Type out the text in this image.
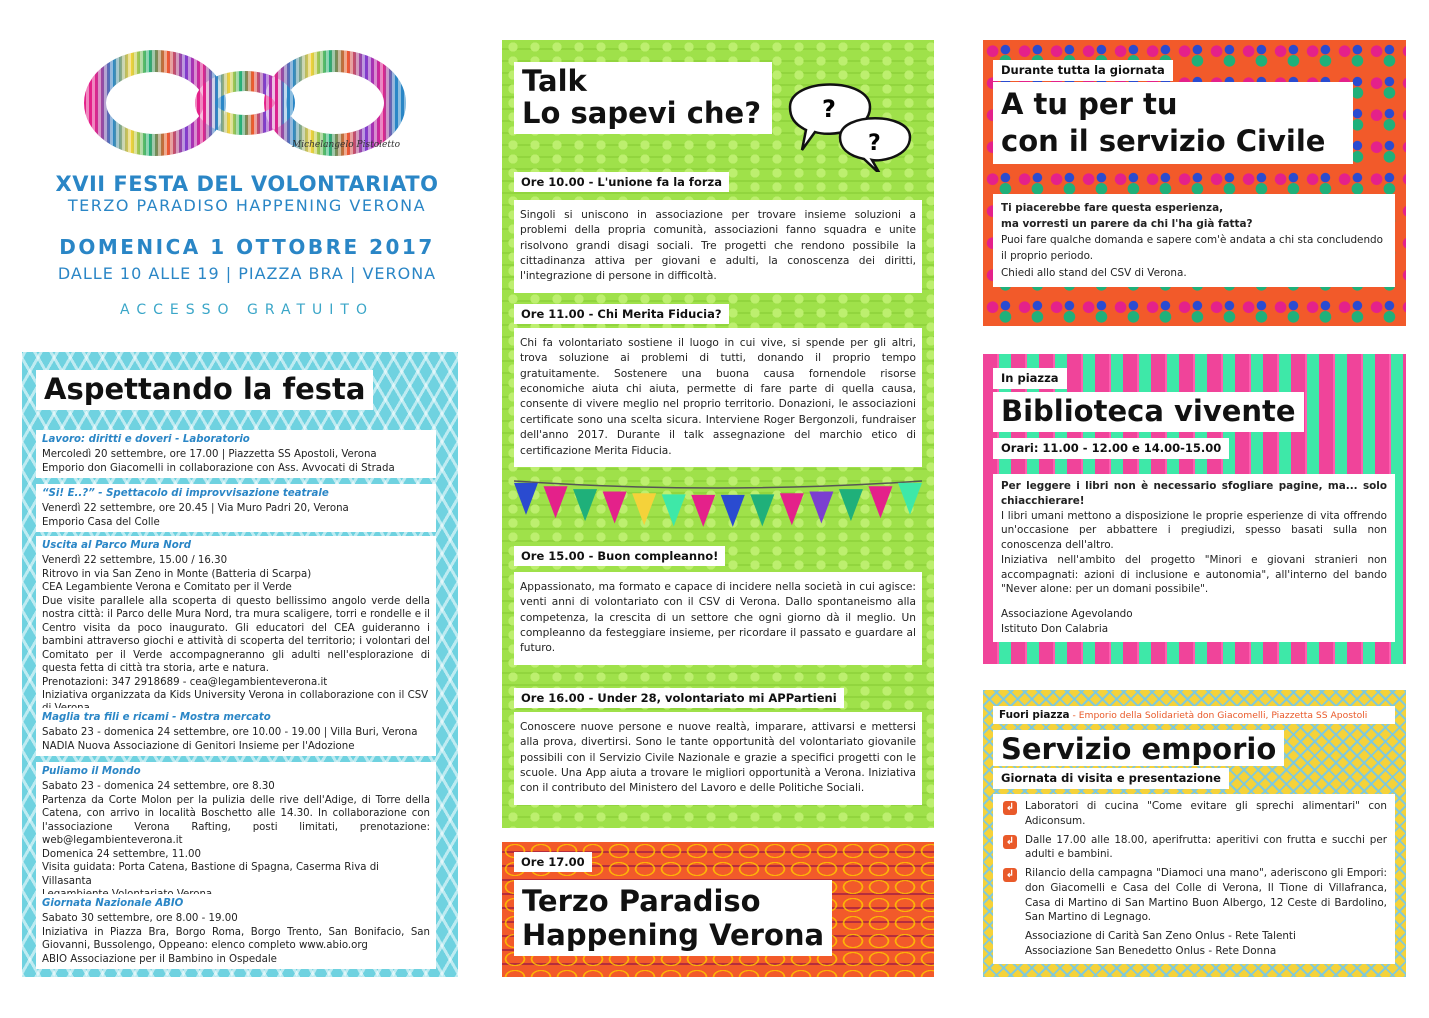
Michelangelo Pistoletto
XVII FESTA DEL VOLONTARIATO
TERZO PARADISO HAPPENING VERONA
DOMENICA 1 OTTOBRE 2017
DALLE 10 ALLE 19 | PIAZZA BRA | VERONA
ACCESSO GRATUITO
Aspettando la festa
Lavoro: diritti e doveri - Laboratorio

Mercoledì 20 settembre, ore 17.00 | Piazzetta SS Apostoli, Verona

Emporio don Giacomelli in collaborazione con Ass. Avvocati di Strada

“Si! E..?” - Spettacolo di improvvisazione teatrale

Venerdì 22 settembre, ore 20.45 | Via Muro Padri 20, Verona

Emporio Casa del Colle

Uscita al Parco Mura Nord

Venerdì 22 settembre, 15.00 / 16.30

Ritrovo in via San Zeno in Monte (Batteria di Scarpa)

CEA Legambiente Verona e Comitato per il Verde

Due visite parallele alla scoperta di questo bellissimo angolo verde della nostra città: il Parco delle Mura Nord, tra mura scaligere, torri e rondelle e il Centro visita da poco inaugurato. Gli educatori del CEA guideranno i bambini attraverso giochi e attività di scoperta del territorio; i volontari del Comitato per il Verde accompagneranno gli adulti nell'esplorazione di questa fetta di città tra storia, arte e natura.

Prenotazioni: 347 2918689 - cea@legambienteverona.it

Iniziativa organizzata da Kids University Verona in collaborazione con il CSV

Maglia tra fili e ricami - Mostra mercato

Sabato 23 - domenica 24 settembre, ore 10.00 - 19.00 | Villa Buri, Verona

NADIA Nuova Associazione di Genitori Insieme per l'Adozione

Puliamo il Mondo

Sabato 23 - domenica 24 settembre, ore 8.30

Partenza da Corte Molon per la pulizia delle rive dell'Adige, di Torre della Catena, con arrivo in località Boschetto alle 14.30. In collaborazione con l'associazione Verona Rafting, posti limitati, prenotazione: web@legambienteverona.it

Domenica 24 settembre, 11.00

Visita guidata: Porta Catena, Bastione di Spagna, Caserma Riva di Villasanta

Giornata Nazionale ABIO

Sabato 30 settembre, ore 8.00 - 19.00

Iniziativa in Piazza Bra, Borgo Roma, Borgo Trento, San Bonifacio, San Giovanni, Bussolengo, Oppeano: elenco completo www.abio.org

ABIO Associazione per il Bambino in Ospedale

Talk
Lo sapevi che?	?
?
Ore 10.00 - L'unione fa la forza
Singoli si uniscono in associazione per trovare insieme soluzioni a problemi della propria comunità, associazioni fanno squadra e unite risolvono grandi disagi sociali. Tre progetti che rendono possibile la cittadinanza attiva per giovani e adulti, la conoscenza dei diritti, l'integrazione di persone in difficoltà.
Ore 11.00 - Chi Merita Fiducia?
Chi fa volontariato sostiene il luogo in cui vive, si spende per gli altri, trova soluzione ai problemi di tutti, donando il proprio tempo gratuitamente. Sostenere una buona causa fornendole risorse economiche aiuta chi aiuta, permette di fare parte di quella causa, consente di vivere meglio nel proprio territorio. Donazioni, le associazioni certificate sono una scelta sicura. Interviene Roger Bergonzoli, fundraiser dell'anno 2017. Durante il talk assegnazione del marchio etico di certificazione Merita Fiducia.
Ore 15.00 - Buon compleanno!
Appassionato, ma formato e capace di incidere nella società in cui agisce: venti anni di volontariato con il CSV di Verona. Dallo spontaneismo alla competenza, la crescita di un settore che ogni giorno dà il meglio. Un compleanno da festeggiare insieme, per ricordare il passato e guardare al futuro.
Ore 16.00 - Under 28, volontariato mi APPartieni
Conoscere nuove persone e nuove realtà, imparare, attivarsi e mettersi alla prova, divertirsi. Sono le tante opportunità del volontariato giovanile possibili con il Servizio Civile Nazionale e grazie a specifici progetti con le scuole. Una App aiuta a trovare le migliori opportunità a Verona. Iniziativa con il contributo del Ministero del Lavoro e delle Politiche Sociali.
Ore 17.00
Terzo Paradiso
Happening Verona
Durante tutta la giornata
A tu per tu
con il servizio Civile
Ti piacerebbe fare questa esperienza,
ma vorresti un parere da chi l'ha già fatta?
Puoi fare qualche domanda e sapere com'è andata a chi sta concludendo il proprio periodo.
Chiedi allo stand del CSV di Verona.
In piazza
Biblioteca vivente
Orari: 11.00 - 12.00 e 14.00-15.00
Per leggere i libri non è necessario sfogliare pagine, ma... solo chiacchierare!
I libri umani mettono a disposizione le proprie esperienze di vita offrendo un'occasione per abbattere i pregiudizi, spesso basati sulla non conoscenza dell'altro.
Iniziativa nell'ambito del progetto "Minori e giovani stranieri non accompagnati: azioni di inclusione e autonomia", all'interno del bando "Never alone: per un domani possibile".
Associazione Agevolando
Istituto Don Calabria
Fuori piazza - Emporio della Solidarietà don Giacomelli, Piazzetta SS Apostoli
Servizio emporio
Giornata di visita e presentazione
↲ Laboratori di cucina "Come evitare gli sprechi alimentari" con Adiconsum.
↲ Dalle 17.00 alle 18.00, aperifrutta: aperitivi con frutta e succhi per adulti e bambini.
↲ Rilancio della campagna "Diamoci una mano", aderiscono gli Empori: don Giacomelli e Casa del Colle di Verona, Il Tione di Villafranca, Casa di Martino di San Martino Buon Albergo, 12 Ceste di Bardolino, San Martino di Legnago.
Associazione di Carità San Zeno Onlus - Rete Talenti
Associazione San Benedetto Onlus - Rete Donna
